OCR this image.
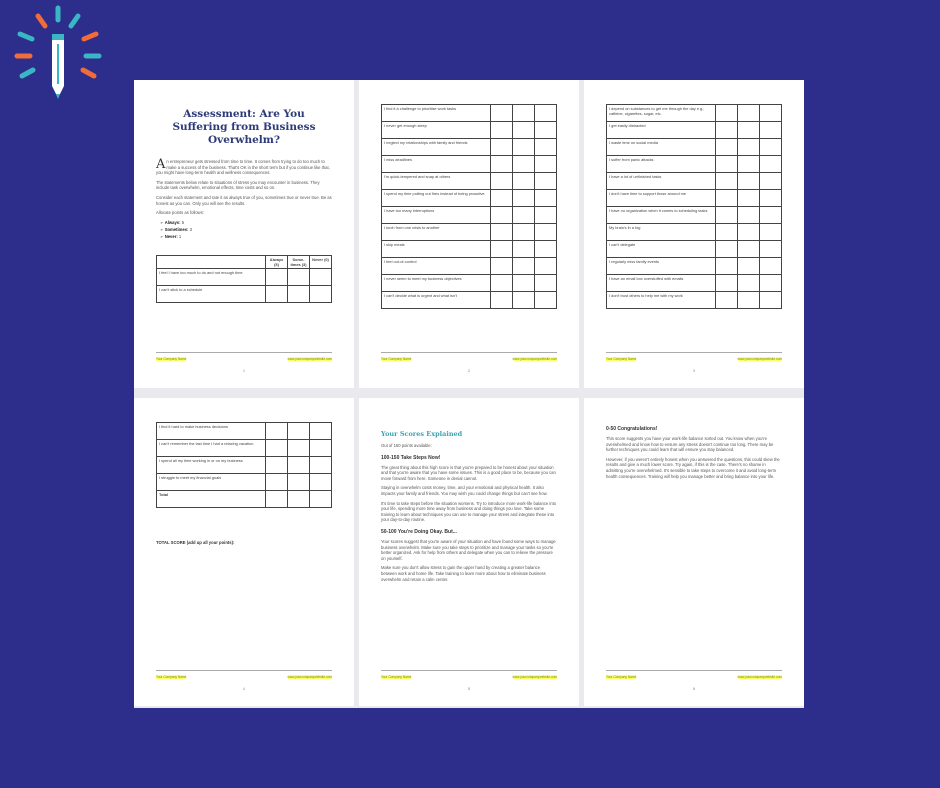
Assessment: Are You Suffering from Business Overwhelm?

An entrepreneur gets stressed from time to time. It comes from trying to do too much to make a success of the business. That's OK in the short term but if you continue like that, you might have long-term health and wellness consequences.

The statements below relate to situations of stress you may encounter in business. They include task overwhelm, emotional effects, time costs and so on.

Consider each statement and rate it as always true of you, sometimes true or never true. Be as honest as you can. Only you will see the results.

Allocate points as follows:

➢ Always: 5
➢ Sometimes: 3
➢ Never: 1
	Always (5)	Some-times (3)	Never (0)
I feel I have too much to do and not enough time			
I can't stick to a schedule			
Your Company Name	www.yourcompanywebsite.com
1
I find it a challenge to prioritise work tasks			
I never get enough sleep			
I neglect my relationships with family and friends			
I miss deadlines			
I'm quick-tempered and snap at others			
I spend my time putting out fires instead of being proactive			
I have too many interruptions			
I lurch from one crisis to another			
I skip meals			
I feel out-of-control			
I never seem to meet my business objectives			
I can't decide what is urgent and what isn't			
Your Company Name	www.yourcompanywebsite.com
2
I depend on substances to get me through the day e.g., caffeine, cigarettes, sugar, etc.			
I get easily distracted			
I waste time on social media			
I suffer from panic attacks			
I have a lot of unfinished tasks			
I don't have time to support those around me			
I have no organization when it comes to scheduling tasks			
My brain's in a fog			
I can't delegate			
I regularly miss family events			
I have an email box overstuffed with emails			
I don't trust others to help me with my work			
Your Company Name	www.yourcompanywebsite.com
3
I find it hard to make business decisions			
I can't remember the last time I had a relaxing vacation			
I spend all my time working in or on my business			
I struggle to meet my financial goals			
Total			
TOTAL SCORE (add up all your points):
Your Company Name	www.yourcompanywebsite.com
4
Your Scores Explained

Out of 150 points available:

100-150 Take Steps Now!

The great thing about this high score is that you're prepared to be honest about your situation and that you're aware that you have some issues. This is a good place to be, because you can move forward from here. Someone in denial cannot.

Staying in overwhelm costs money, time, and your emotional and physical health. It also impacts your family and friends. You may wish you could change things but can't see how.

It's time to take steps before the situation worsens. Try to introduce more work-life balance into your life, spending more time away from business and doing things you love. Take some training to learn about techniques you can use to manage your stress and integrate these into your day-to-day routine.

50-100 You're Doing Okay. But...

Your scores suggest that you're aware of your situation and have found some ways to manage business overwhelm. Make sure you take steps to prioritize and manage your tasks so you're better organized. Ask for help from others and delegate when you can to relieve the pressure on yourself.

Make sure you don't allow stress to gain the upper hand by creating a greater balance between work and home life. Take training to learn more about how to eliminate business overwhelm and retain a calm center.

Your Company Name	www.yourcompanywebsite.com
5
0-50 Congratulations!

This score suggests you have your work-life balance sorted out. You know when you're overwhelmed and know how to ensure any stress doesn't continue too long. There may be further techniques you could learn that will ensure you stay balanced.

However, if you weren't entirely honest when you answered the questions, this could skew the results and give a much lower score. Try again, if this is the case. There's no shame in admitting you're overwhelmed. It's sensible to take steps to overcome it and avoid long-term health consequences. Training will help you manage better and bring balance into your life.

Your Company Name	www.yourcompanywebsite.com
6
